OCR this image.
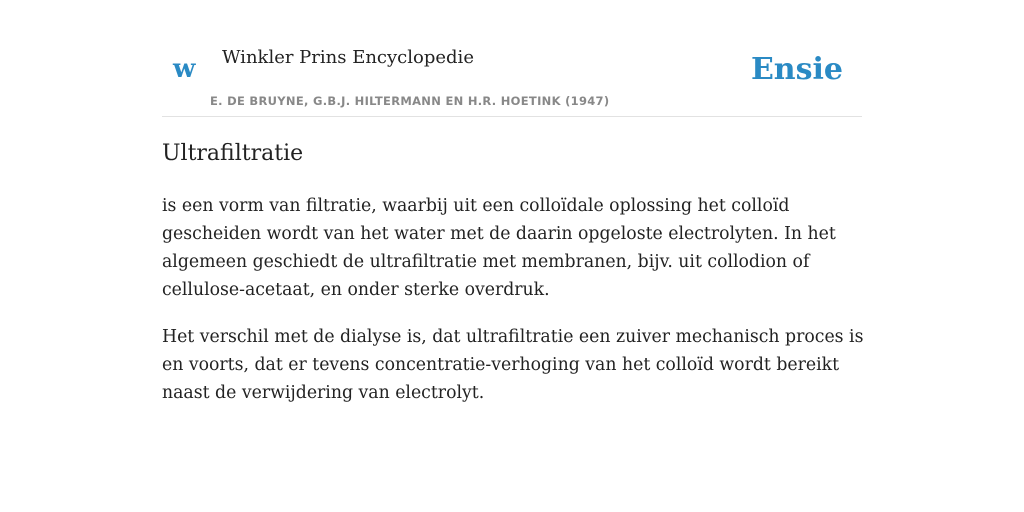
w Winkler Prins Encyclopedie
E. DE BRUYNE, G.B.J. HILTERMANN EN H.R. HOETINK (1947)
Ensie
Ultrafiltratie

is een vorm van filtratie, waarbij uit een colloïdale oplossing het colloïd gescheiden wordt van het water met de daarin opgeloste electrolyten. In het algemeen geschiedt de ultrafiltratie met membranen, bijv. uit collodion of cellulose-acetaat, en onder sterke overdruk.

Het verschil met de dialyse is, dat ultrafiltratie een zuiver mechanisch proces is en voorts, dat er tevens concentratie-verhoging van het colloïd wordt bereikt naast de verwijdering van electrolyt.
